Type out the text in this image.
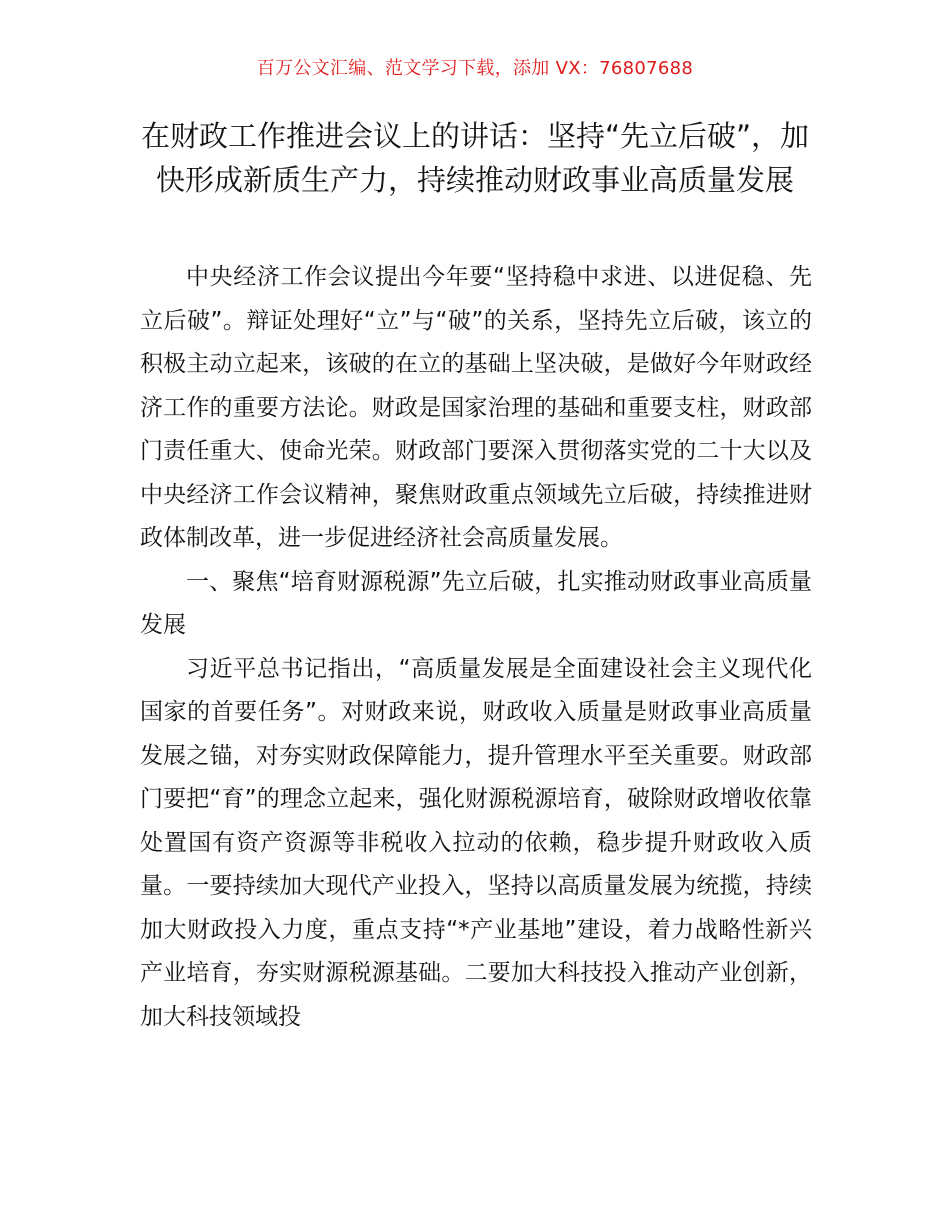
百万公文汇编、范文学习下载，添加 VX：76807688
在财政工作推进会议上的讲话：坚持“先立后破”，加快形成新质生产力，持续推动财政事业高质量发展

中央经济工作会议提出今年要“坚持稳中求进、以进促稳、先立后破”。辩证处理好“立”与“破”的关系，坚持先立后破，该立的积极主动立起来，该破的在立的基础上坚决破，是做好今年财政经济工作的重要方法论。财政是国家治理的基础和重要支柱，财政部门责任重大、使命光荣。财政部门要深入贯彻落实党的二十大以及中央经济工作会议精神，聚焦财政重点领域先立后破，持续推进财政体制改革，进一步促进经济社会高质量发展。

一、聚焦“培育财源税源”先立后破，扎实推动财政事业高质量发展

习近平总书记指出，“高质量发展是全面建设社会主义现代化国家的首要任务”。对财政来说，财政收入质量是财政事业高质量发展之锚，对夯实财政保障能力，提升管理水平至关重要。财政部门要把“育”的理念立起来，强化财源税源培育，破除财政增收依靠处置国有资产资源等非税收入拉动的依赖，稳步提升财政收入质量。一要持续加大现代产业投入，坚持以高质量发展为统揽，持续加大财政投入力度，重点支持“*产业基地”建设，着力战略性新兴产业培育，夯实财源税源基础。二要加大科技投入推动产业创新，加大科技领域投
